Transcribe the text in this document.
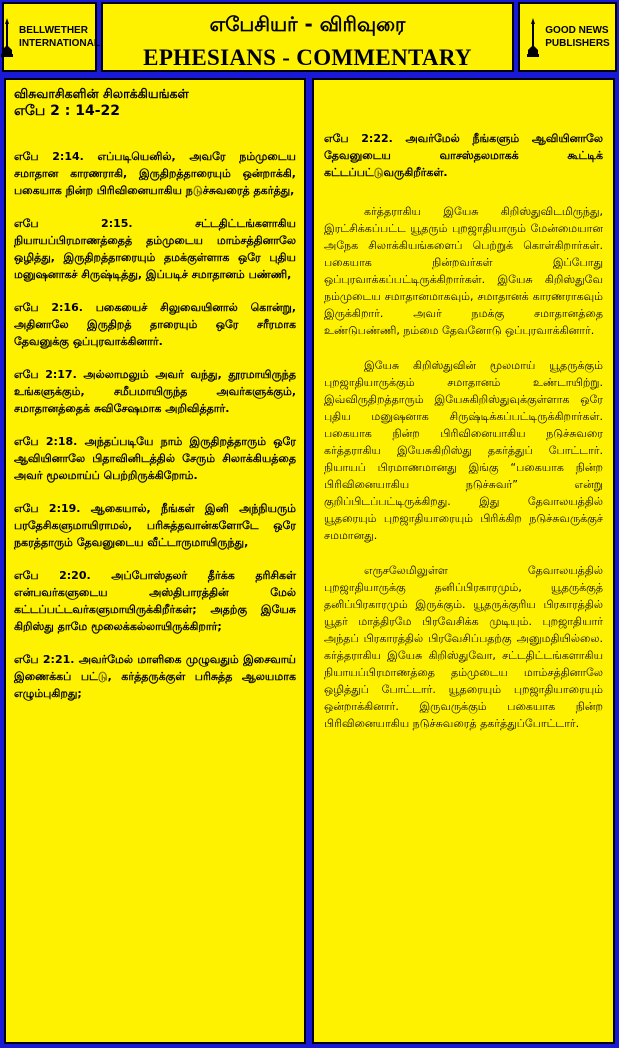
BELLWETHER
INTERNATIONAL
எபேசியர் - விரிவுரை
EPHESIANS - COMMENTARY
GOOD NEWS
PUBLISHERS
விசுவாசிகளின் சிலாக்கியங்கள்
எபே 2 : 14-22
எபே 2:14. எப்படியெனில், அவரே நம்முடைய சமாதான காரணராகி, இருதிறத்தாரையும் ஒன்றாக்கி, பகையாக நின்ற பிரிவினையாகிய நடுச்சுவரைத் தகர்த்து,
எபே 2:15. சட்டதிட்டங்களாகிய நியாயப்பிரமாணத்தைத் தம்முடைய மாம்சத்தினாலே ஒழித்து, இருதிறத்தாரையும் தமக்குள்ளாக ஒரே புதிய மனுஷனாகச் சிருஷ்டித்து, இப்படிச் சமாதானம் பண்ணி,
எபே 2:16. பகையைச் சிலுவையினால் கொன்று, அதினாலே இருதிறத் தாரையும் ஒரே சரீரமாக தேவனுக்கு ஒப்புரவாக்கினார்.
எபே 2:17. அல்லாமலும் அவர் வந்து, தூரமாயிருந்த உங்களுக்கும், சமீபமாயிருந்த அவர்களுக்கும், சமாதானத்தைக் சுவிசேஷமாக அறிவித்தார்.
எபே 2:18. அந்தப்படியே நாம் இருதிறத்தாரும் ஒரே ஆவியினாலே பிதாவினிடத்தில் சேரும் சிலாக்கியத்தை அவர் மூலமாய்ப் பெற்றிருக்கிறோம்.
எபே 2:19. ஆகையால், நீங்கள் இனி அந்நியரும் பரதேசிகளுமாயிராமல், பரிசுத்தவான்களோடே ஒரே நகரத்தாரும் தேவனுடைய வீட்டாருமாயிருந்து,
எபே 2:20. அப்போஸ்தலர் தீர்க்க தரிசிகள் என்பவர்களுடைய அஸ்திபாரத்தின் மேல் கட்டப்பட்டவர்களுமாயிருக்கிறீர்கள்; அதற்கு இயேசு கிறிஸ்து தாமே மூலைக்கல்லாயிருக்கிறார்;
எபே 2:21. அவர்மேல் மாளிகை முழுவதும் இசைவாய் இணைக்கப் பட்டு, கர்த்தருக்குள் பரிசுத்த ஆலயமாக எழும்புகிறது;
எபே 2:22. அவர்மேல் நீங்களும் ஆவியினாலே தேவனுடைய வாசஸ்தலமாகக் கூட்டிக் கட்டப்பட்டுவருகிறீர்கள்.
கர்த்தராகிய இயேசு கிறிஸ்துவிடமிருந்து, இரட்சிக்கப்பட்ட யூதரும் புறஜாதியாரும் மேன்மையான அநேக சிலாக்கியங்களைப் பெற்றுக் கொள்கிறார்கள். பகையாக நின்றவர்கள் இப்போது ஒப்புரவாக்கப்பட்டிருக்கிறார்கள். இயேசு கிறிஸ்துவே நம்முடைய சமாதானமாகவும், சமாதானக் காரணராகவும் இருக்கிறார். அவர் நமக்கு சமாதானத்தை உண்டுபண்ணி, நம்மை தேவனோடு ஒப்புரவாக்கினார்.
இயேசு கிறிஸ்துவின் மூலமாய் யூதருக்கும் புறஜாதியாருக்கும் சமாதானம் உண்டாயிற்று. இவ்விருதிறத்தாரும் இயேசுகிறிஸ்துவுக்குள்ளாக ஒரே புதிய மனுஷனாக சிருஷ்டிக்கப்பட்டிருக்கிறார்கள். பகையாக நின்ற பிரிவினையாகிய நடுச்சுவரை கர்த்தராகிய இயேசுகிறிஸ்து தகர்த்துப் போட்டார். நியாயப் பிரமாணமானது இங்கு “பகையாக நின்ற பிரிவினையாகிய நடுச்சுவர்” என்று குறிப்பிடப்பட்டிருக்கிறது. இது தேவாலயத்தில் யூதரையும் புறஜாதியாரையும் பிரிக்கிற நடுச்சுவருக்குச் சமமானது.
எருசலேமிலுள்ள தேவாலயத்தில் புறஜாதியாருக்கு தனிப்பிரகாரமும், யூதருக்குத் தனிப்பிரகாரமும் இருக்கும். யூதருக்குரிய பிரகாரத்தில் யூதர் மாத்திரமே பிரவேசிக்க முடியும். புறஜாதியார் அந்தப் பிரகாரத்தில் பிரவேசிப்பதற்கு அனுமதியில்லை. கர்த்தராகிய இயேசு கிறிஸ்துவோ, சட்டதிட்டங்களாகிய நியாயப்பிரமாணத்தை தம்முடைய மாம்சத்தினாலே ஒழித்துப் போட்டார். யூதரையும் புறஜாதியாரையும் ஒன்றாக்கினார். இருவருக்கும் பகையாக நின்ற பிரிவினையாகிய நடுச்சுவரைத் தகர்த்துப்போட்டார்.
